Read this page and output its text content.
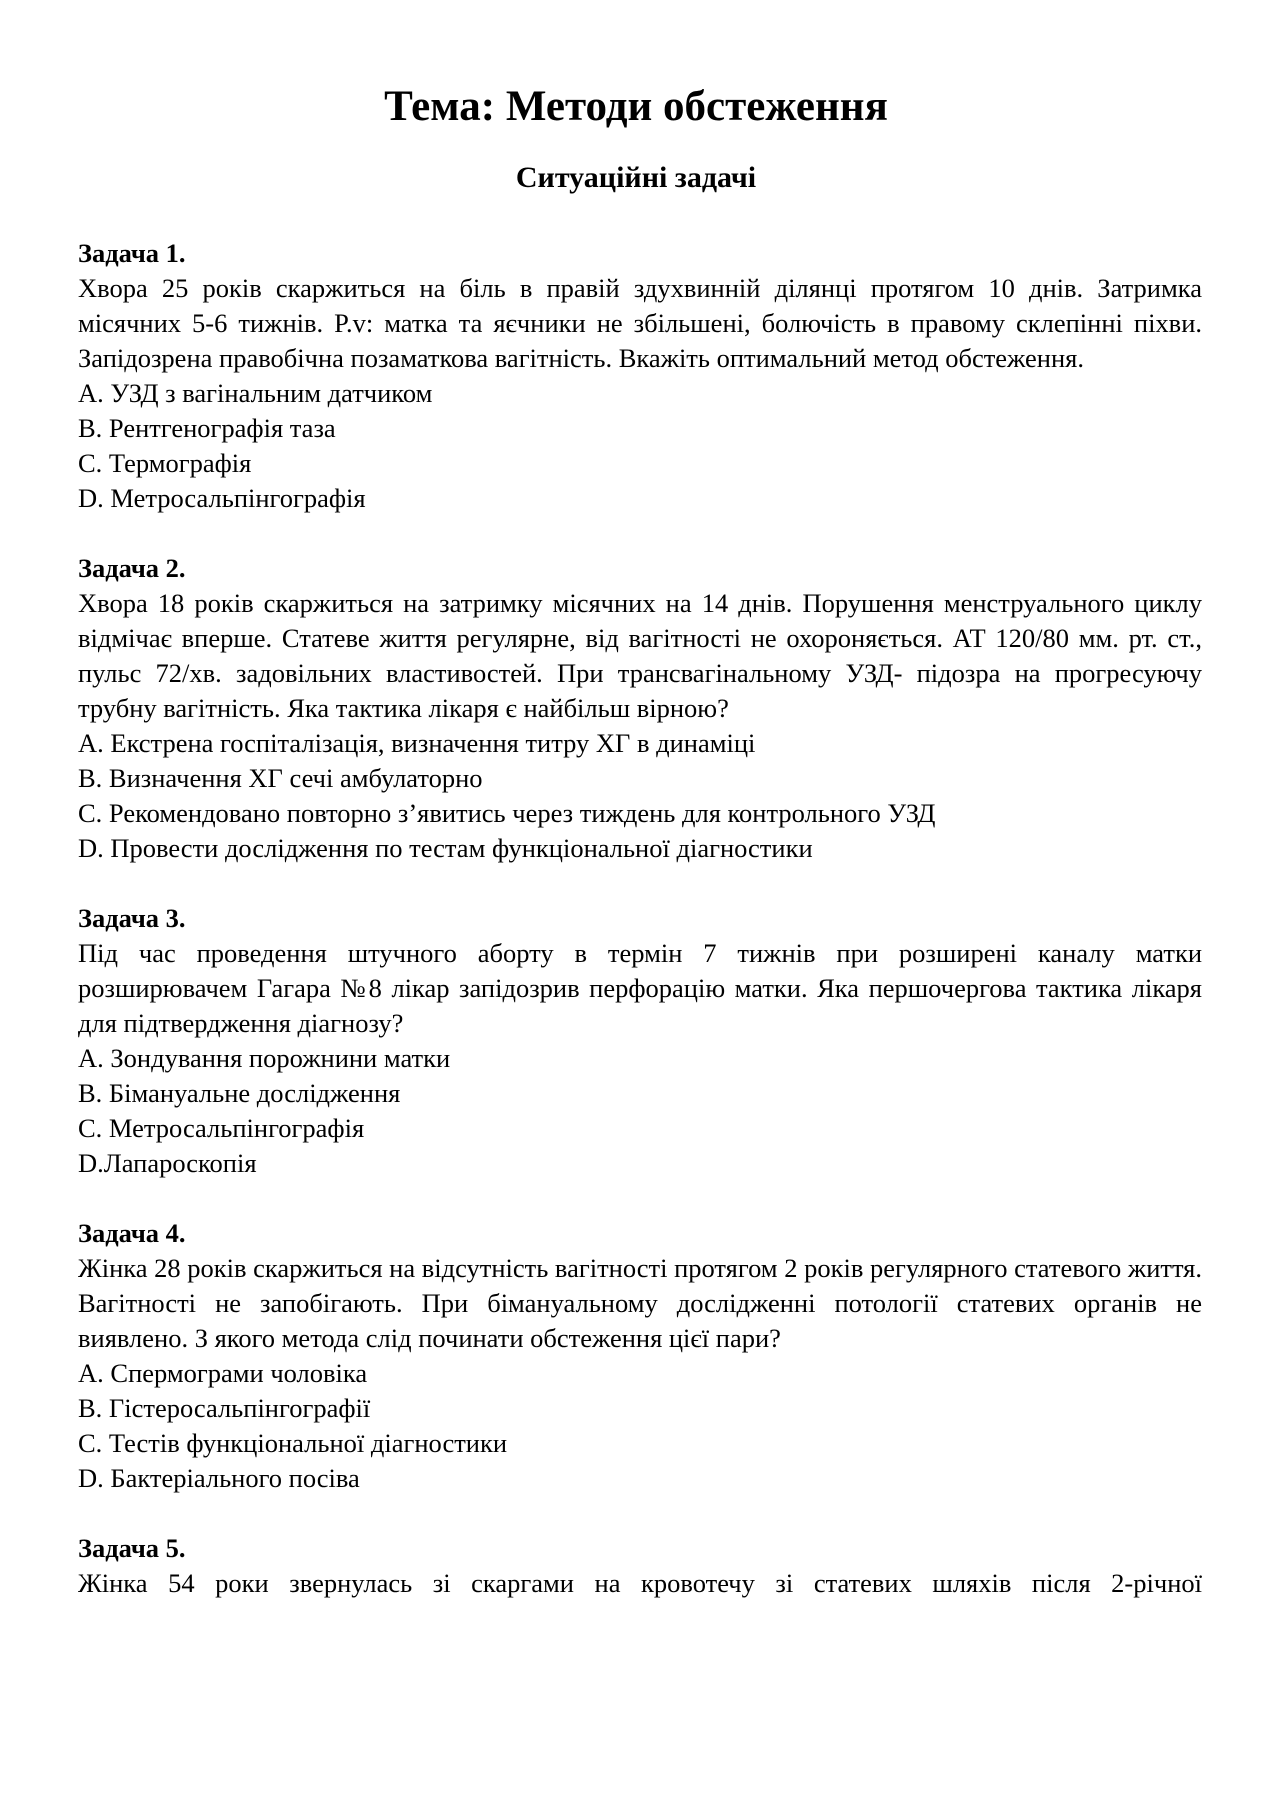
Тема: Методи обстеження
Ситуаційні задачі

Задача 1.

Хвора 25 років скаржиться на біль в правій здухвинній ділянці протягом 10 днів. Затримка місячних 5-6 тижнів. P.v: матка та яєчники не збільшені, болючість в правому склепінні піхви. Запідозрена правобічна позаматкова вагітність. Вкажіть оптимальний метод обстеження.

A. УЗД з вагінальним датчиком
B. Рентгенографія таза
C. Термографія
D. Метросальпінгографія

Задача 2.

Хвора 18 років скаржиться на затримку місячних на 14 днів. Порушення менструального циклу відмічає вперше. Статеве життя регулярне, від вагітності не охороняється. АТ 120/80 мм. рт. ст., пульс 72/хв. задовільних властивостей. При трансвагінальному УЗД- підозра на прогресуючу трубну вагітність. Яка тактика лікаря є найбільш вірною?

A. Екстрена госпіталізація, визначення титру ХГ в динаміці
B. Визначення ХГ сечі амбулаторно
C. Рекомендовано повторно з’явитись через тиждень для контрольного УЗД
D. Провести дослідження по тестам функціональної діагностики

Задача 3.

Під час проведення штучного аборту в термін 7 тижнів при розширені каналу матки розширювачем Гагара №8 лікар запідозрив перфорацію матки. Яка першочергова тактика лікаря для підтвердження діагнозу?

A. Зондування порожнини матки
B. Бімануальне дослідження
C. Метросальпінгографія
D.Лапароскопія

Задача 4.

Жінка 28 років скаржиться на відсутність вагітності протягом 2 років регулярного статевого життя. Вагітності не запобігають. При бімануальному дослідженні потології статевих органів не виявлено. З якого метода слід починати обстеження цієї пари?

A. Спермограми чоловіка
B. Гістеросальпінгографії
C. Тестів функціональної діагностики
D. Бактеріального посіва

Задача 5.

Жінка 54 роки звернулась зі скаргами на кровотечу зі статевих шляхів після 2-річної
